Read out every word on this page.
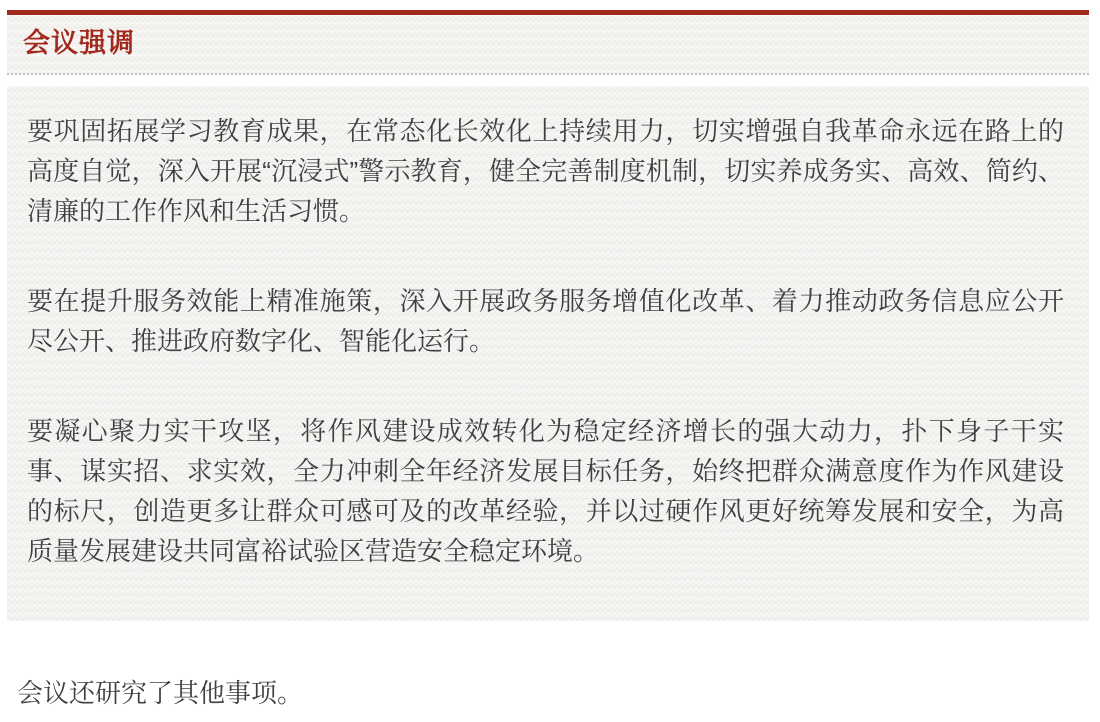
会议强调

要巩固拓展学习教育成果，在常态化长效化上持续用力，切实增强自我革命永远在路上的高度自觉，深入开展“沉浸式”警示教育，健全完善制度机制，切实养成务实、高效、简约、清廉的工作作风和生活习惯。

要在提升服务效能上精准施策，深入开展政务服务增值化改革、着力推动政务信息应公开尽公开、推进政府数字化、智能化运行。

要凝心聚力实干攻坚，将作风建设成效转化为稳定经济增长的强大动力，扑下身子干实事、谋实招、求实效，全力冲刺全年经济发展目标任务，始终把群众满意度作为作风建设的标尺，创造更多让群众可感可及的改革经验，并以过硬作风更好统筹发展和安全，为高质量发展建设共同富裕试验区营造安全稳定环境。

会议还研究了其他事项。
